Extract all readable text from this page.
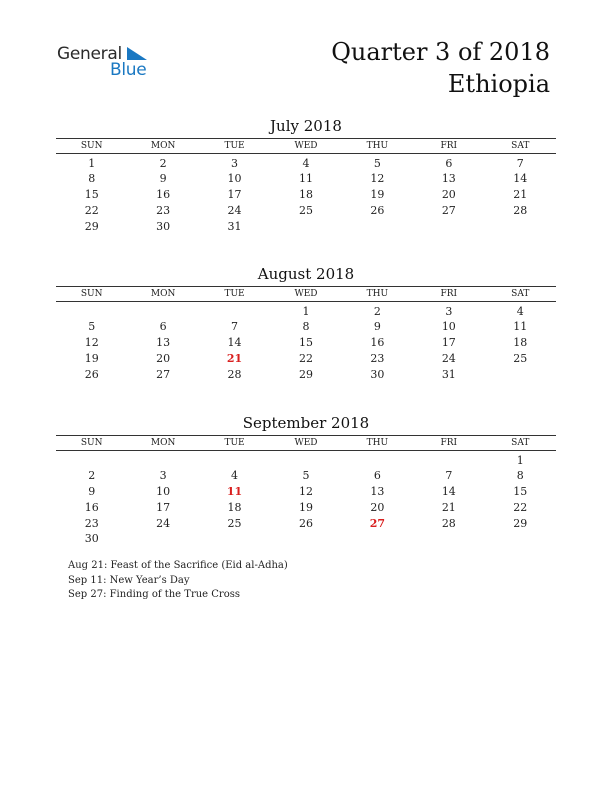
General
Blue
Quarter 3 of 2018
Ethiopia
July 2018
SUN	MON	TUE	WED	THU	FRI	SAT

1	2	3	4	5	6	7
8	9	10	11	12	13	14
15	16	17	18	19	20	21
22	23	24	25	26	27	28
29	30	31				
August 2018
SUN	MON	TUE	WED	THU	FRI	SAT

			1	2	3	4
5	6	7	8	9	10	11
12	13	14	15	16	17	18
19	20	21	22	23	24	25
26	27	28	29	30	31	
September 2018
SUN	MON	TUE	WED	THU	FRI	SAT

						1
2	3	4	5	6	7	8
9	10	11	12	13	14	15
16	17	18	19	20	21	22
23	24	25	26	27	28	29
30						
Aug 21: Feast of the Sacrifice (Eid al-Adha)
Sep 11: New Year’s Day
Sep 27: Finding of the True Cross
